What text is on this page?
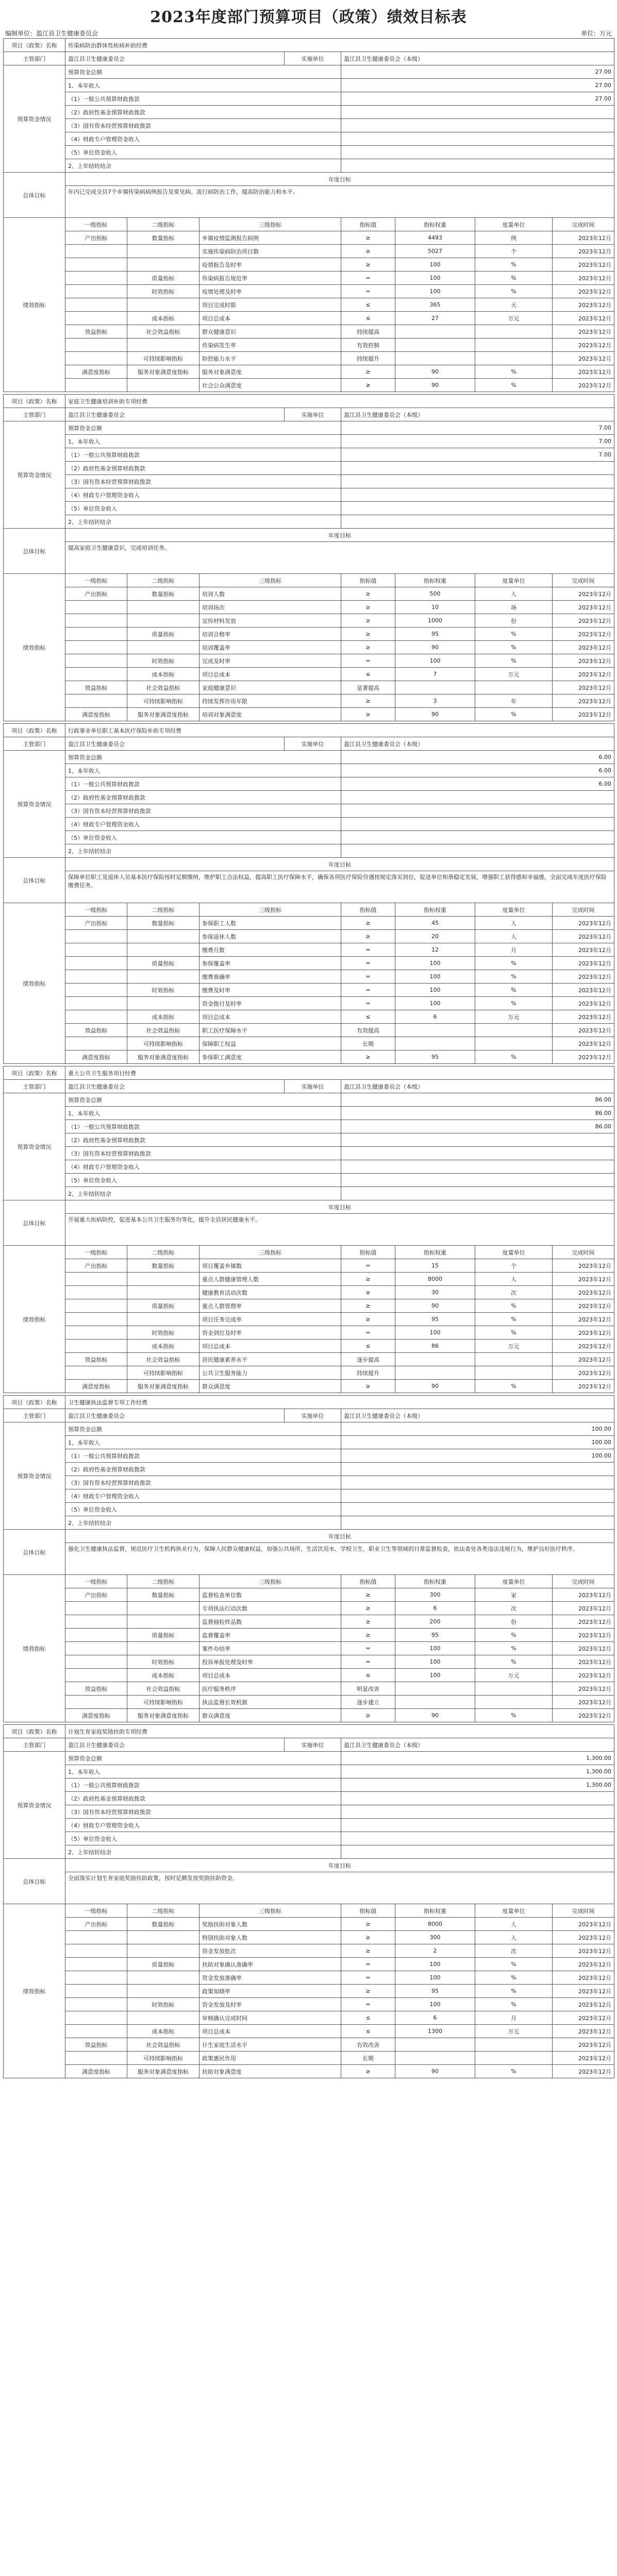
2023年度部门预算项目（政策）绩效目标表
编制单位：盈江县卫生健康委员会	单位：万元
项目（政策）名称	传染病防治群体性疾病补助经费							
主管部门	盈江县卫生健康委员会			实施单位	盈江县卫生健康委员会（本级）			
预算资金情况	预算资金总额				27.00			
	1、本年收入				27.00			
	（1）一般公共预算财政拨款				27.00			
	（2）政府性基金预算财政拨款							
	（3）国有资本经营预算财政拨款							
	（4）财政专户管理资金收入							
	（5）单位资金收入							
	2、上年结转结余							
总体目标	年度目标							
	年内已完成全县7个乡镇传染病病例报告及常见病、流行病防治工作，提高防治能力和水平。							
绩效指标	一级指标	二级指标	三级指标		指标值	指标权重	度量单位	完成时间
	产出指标	数量指标	乡镇疫情监测报告病例		≥	4493	例	2023年12月
			实施传染病防治项目数		≥	5027	个	2023年12月
			疫情报告及时率		≥	100	%	2023年12月
		质量指标	传染病报告规范率		=	100	%	2023年12月
		时效指标	疫情处理及时率		=	100	%	2023年12月
			项目完成时限		≤	365	天	2023年12月
		成本指标	项目总成本		≤	27	万元	2023年12月
	效益指标	社会效益指标	群众健康意识		持续提高			2023年12月
			传染病发生率		有效控制			2023年12月
		可持续影响指标	防控能力水平		持续提升			2023年12月
	满意度指标	服务对象满意度指标	服务对象满意度		≥	90	%	2023年12月
			社会公众满意度		≥	90	%	2023年12月
项目（政策）名称	家庭卫生健康培训补助专项经费							
主管部门	盈江县卫生健康委员会			实施单位	盈江县卫生健康委员会（本级）			
预算资金情况	预算资金总额				7.00			
	1、本年收入				7.00			
	（1）一般公共预算财政拨款				7.00			
	（2）政府性基金预算财政拨款							
	（3）国有资本经营预算财政拨款							
	（4）财政专户管理资金收入							
	（5）单位资金收入							
	2、上年结转结余							
总体目标	年度目标							
	提高家庭卫生健康意识，完成培训任务。							
绩效指标	一级指标	二级指标	三级指标		指标值	指标权重	度量单位	完成时间
	产出指标	数量指标	培训人数		≥	500	人	2023年12月
			培训场次		≥	10	场	2023年12月
			宣传材料发放		≥	1000	份	2023年12月
		质量指标	培训合格率		≥	95	%	2023年12月
			培训覆盖率		≥	90	%	2023年12月
		时效指标	完成及时率		=	100	%	2023年12月
		成本指标	项目总成本		≤	7	万元	2023年12月
	效益指标	社会效益指标	家庭健康意识		显著提高			2023年12月
		可持续影响指标	持续发挥作用年限		≥	3	年	2023年12月
	满意度指标	服务对象满意度指标	培训对象满意度		≥	90	%	2023年12月
项目（政策）名称	行政事业单位职工基本医疗保险补助专项经费							
主管部门	盈江县卫生健康委员会			实施单位	盈江县卫生健康委员会（本级）			
预算资金情况	预算资金总额				6.00			
	1、本年收入				6.00			
	（1）一般公共预算财政拨款				6.00			
	（2）政府性基金预算财政拨款							
	（3）国有资本经营预算财政拨款							
	（4）财政专户管理资金收入							
	（5）单位资金收入							
	2、上年结转结余							
总体目标	年度目标							
	保障单位职工及退休人员基本医疗保险按时足额缴纳，维护职工合法权益，提高职工医疗保障水平，确保各项医疗保险待遇按规定落实到位，促进单位和谐稳定发展，增强职工获得感和幸福感，全面完成年度医疗保险缴费任务。							
绩效指标	一级指标	二级指标	三级指标		指标值	指标权重	度量单位	完成时间
	产出指标	数量指标	参保职工人数		≥	45	人	2023年12月
			参保退休人数		≥	20	人	2023年12月
			缴费月数		=	12	月	2023年12月
		质量指标	参保覆盖率		=	100	%	2023年12月
			缴费准确率		=	100	%	2023年12月
		时效指标	缴费及时率		=	100	%	2023年12月
			资金拨付及时率		=	100	%	2023年12月
		成本指标	项目总成本		≤	6	万元	2023年12月
	效益指标	社会效益指标	职工医疗保障水平		有效提高			2023年12月
		可持续影响指标	保障职工权益		长期			2023年12月
	满意度指标	服务对象满意度指标	参保职工满意度		≥	95	%	2023年12月
项目（政策）名称	重大公共卫生服务项目经费							
主管部门	盈江县卫生健康委员会			实施单位	盈江县卫生健康委员会（本级）			
预算资金情况	预算资金总额				86.00			
	1、本年收入				86.00			
	（1）一般公共预算财政拨款				86.00			
	（2）政府性基金预算财政拨款							
	（3）国有资本经营预算财政拨款							
	（4）财政专户管理资金收入							
	（5）单位资金收入							
	2、上年结转结余							
总体目标	年度目标							
	开展重大疾病防控，促进基本公共卫生服务均等化，提升全县居民健康水平。							
绩效指标	一级指标	二级指标	三级指标		指标值	指标权重	度量单位	完成时间
	产出指标	数量指标	项目覆盖乡镇数		=	15	个	2023年12月
			重点人群健康管理人数		≥	8000	人	2023年12月
			健康教育活动次数		≥	30	次	2023年12月
		质量指标	重点人群管理率		≥	90	%	2023年12月
			项目任务完成率		≥	95	%	2023年12月
		时效指标	资金到位及时率		=	100	%	2023年12月
		成本指标	项目总成本		≤	86	万元	2023年12月
	效益指标	社会效益指标	居民健康素养水平		逐步提高			2023年12月
		可持续影响指标	公共卫生服务能力		持续提升			2023年12月
	满意度指标	服务对象满意度指标	群众满意度		≥	90	%	2023年12月
项目（政策）名称	卫生健康执法监督专项工作经费							
主管部门	盈江县卫生健康委员会			实施单位	盈江县卫生健康委员会（本级）			
预算资金情况	预算资金总额				100.00			
	1、本年收入				100.00			
	（1）一般公共预算财政拨款				100.00			
	（2）政府性基金预算财政拨款							
	（3）国有资本经营预算财政拨款							
	（4）财政专户管理资金收入							
	（5）单位资金收入							
	2、上年结转结余							
总体目标	年度目标							
	强化卫生健康执法监督，规范医疗卫生机构执业行为，保障人民群众健康权益，加强公共场所、生活饮用水、学校卫生、职业卫生等领域的日常监督检查，依法查处各类违法违规行为，维护良好医疗秩序。							
绩效指标	一级指标	二级指标	三级指标		指标值	指标权重	度量单位	完成时间
	产出指标	数量指标	监督检查单位数		≥	300	家	2023年12月
			专项执法行动次数		≥	6	次	2023年12月
			监督抽检样品数		≥	200	份	2023年12月
		质量指标	监督覆盖率		≥	95	%	2023年12月
			案件办结率		=	100	%	2023年12月
		时效指标	投诉举报处理及时率		=	100	%	2023年12月
		成本指标	项目总成本		≤	100	万元	2023年12月
	效益指标	社会效益指标	医疗服务秩序		明显改善			2023年12月
		可持续影响指标	执法监督长效机制		逐步建立			2023年12月
	满意度指标	服务对象满意度指标	群众满意度		≥	90	%	2023年12月
项目（政策）名称	计划生育家庭奖励扶助专项经费							
主管部门	盈江县卫生健康委员会			实施单位	盈江县卫生健康委员会（本级）			
预算资金情况	预算资金总额				1,300.00			
	1、本年收入				1,300.00			
	（1）一般公共预算财政拨款				1,300.00			
	（2）政府性基金预算财政拨款							
	（3）国有资本经营预算财政拨款							
	（4）财政专户管理资金收入							
	（5）单位资金收入							
	2、上年结转结余							
总体目标	年度目标							
	全面落实计划生育家庭奖励扶助政策，按时足额发放奖励扶助资金。							
绩效指标	一级指标	二级指标	三级指标		指标值	指标权重	度量单位	完成时间
	产出指标	数量指标	奖励扶助对象人数		≥	8000	人	2023年12月
			特别扶助对象人数		≥	300	人	2023年12月
			资金发放批次		≥	2	次	2023年12月
		质量指标	扶助对象确认准确率		=	100	%	2023年12月
			资金发放准确率		=	100	%	2023年12月
			政策知晓率		≥	95	%	2023年12月
		时效指标	资金发放及时率		=	100	%	2023年12月
			审核确认完成时间		≤	6	月	2023年12月
		成本指标	项目总成本		≤	1300	万元	2023年12月
	效益指标	社会效益指标	计生家庭生活水平		有效改善			2023年12月
		可持续影响指标	政策惠民作用		长期			2023年12月
	满意度指标	服务对象满意度指标	扶助对象满意度		≥	90	%	2023年12月
